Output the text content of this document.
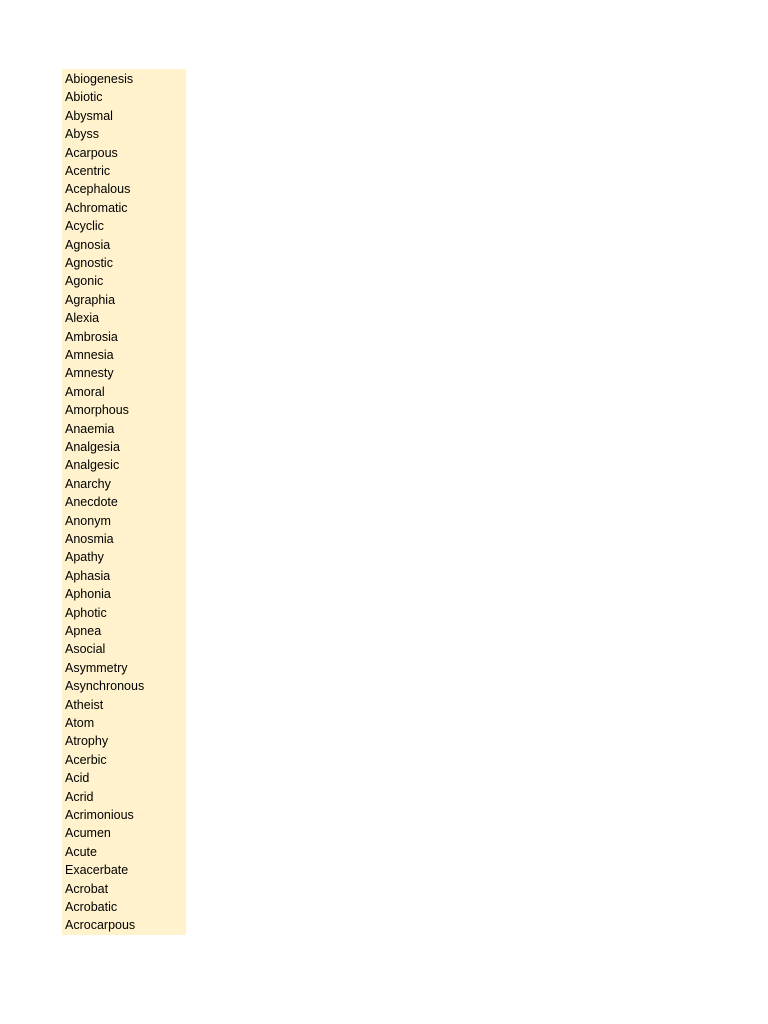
Abiogenesis
Abiotic
Abysmal
Abyss
Acarpous
Acentric
Acephalous
Achromatic
Acyclic
Agnosia
Agnostic
Agonic
Agraphia
Alexia
Ambrosia
Amnesia
Amnesty
Amoral
Amorphous
Anaemia
Analgesia
Analgesic
Anarchy
Anecdote
Anonym
Anosmia
Apathy
Aphasia
Aphonia
Aphotic
Apnea
Asocial
Asymmetry
Asynchronous
Atheist
Atom
Atrophy
Acerbic
Acid
Acrid
Acrimonious
Acumen
Acute
Exacerbate
Acrobat
Acrobatic
Acrocarpous
